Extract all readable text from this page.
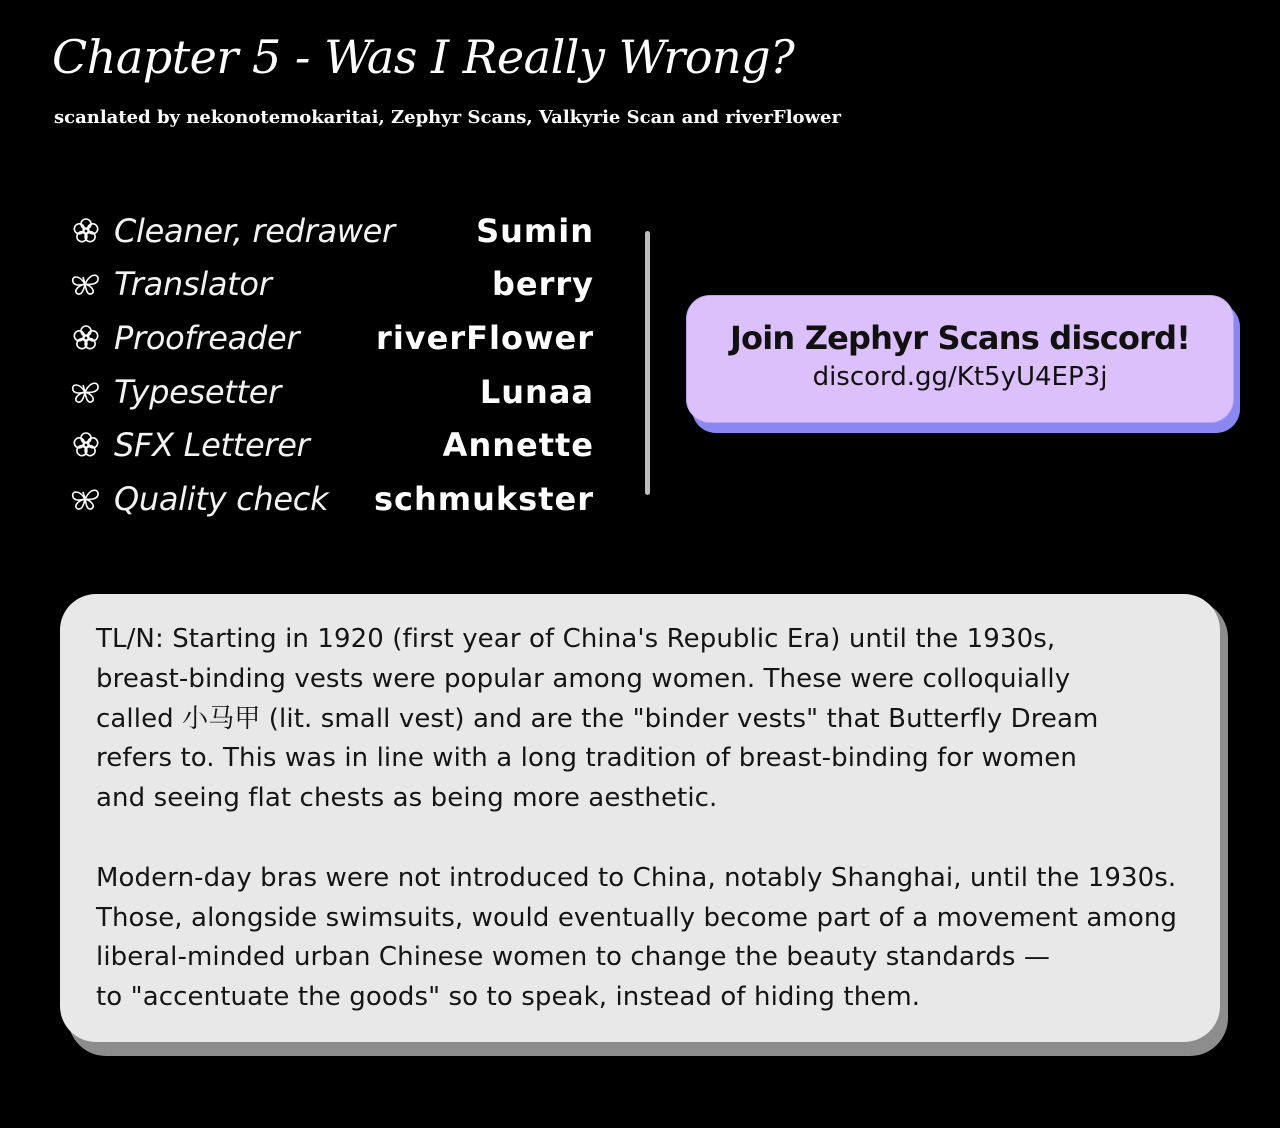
Chapter 5 - Was I Really Wrong?
scanlated by nekonotemokaritai, Zephyr Scans, Valkyrie Scan and riverFlower
Cleaner, redrawer	Sumin
Translator	berry
Proofreader riverFlower
Typesetter	Lunaa
SFX Letterer	Annette
Quality check schmukster
Join Zephyr Scans discord!
discord.gg/Kt5yU4EP3j

TL/N: Starting in 1920 (first year of China's Republic Era) until the 1930s,
breast-binding vests were popular among women. These were colloquially
called 小马甲 (lit. small vest) and are the "binder vests" that Butterfly Dream
refers to. This was in line with a long tradition of breast-binding for women
and seeing flat chests as being more aesthetic.

Modern-day bras were not introduced to China, notably Shanghai, until the 1930s.
Those, alongside swimsuits, would eventually become part of a movement among
liberal-minded urban Chinese women to change the beauty standards —
to "accentuate the goods" so to speak, instead of hiding them.
